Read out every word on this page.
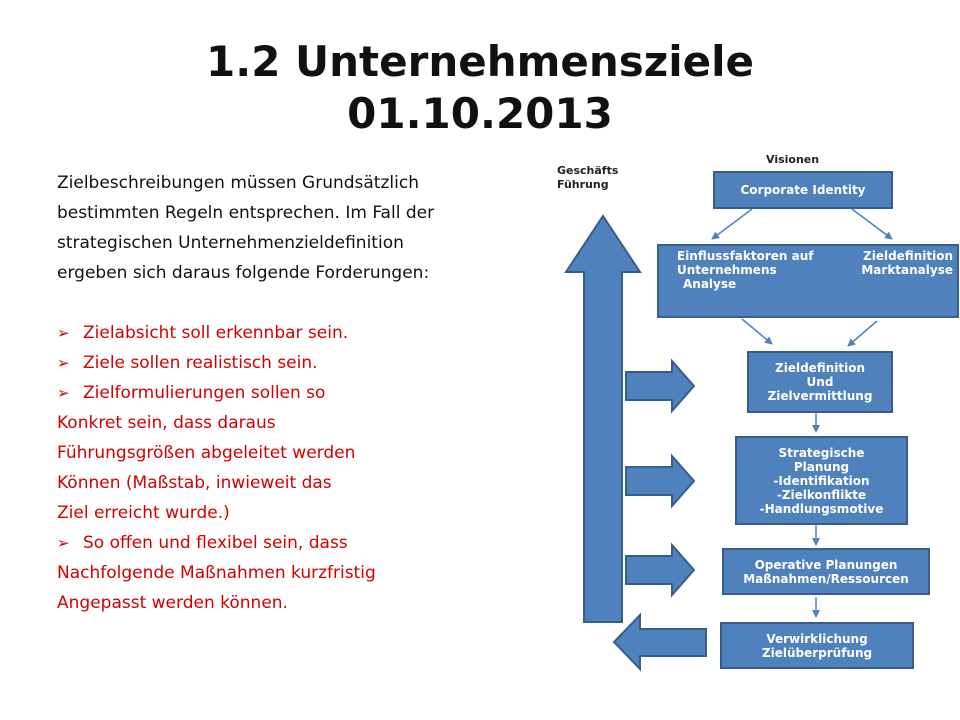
1.2 Unternehmensziele
01.10.2013
Zielbeschreibungen müssen Grundsätzlich
bestimmten Regeln entsprechen. Im Fall der
strategischen Unternehmenzieldefinition
ergeben sich daraus folgende Forderungen:
➢ Zielabsicht soll erkennbar sein.
➢ Ziele sollen realistisch sein.
➢ Zielformulierungen sollen so
Konkret sein, dass daraus
Führungsgrößen abgeleitet werden
Können (Maßstab, inwieweit das
Ziel erreicht wurde.)
➢ So offen und flexibel sein, dass
Nachfolgende Maßnahmen kurzfristig
Angepasst werden können.
Geschäfts
Führung
Visionen
Corporate Identity
Einflussfaktoren auf	Zieldefinition
Unternehmens	Marktanalyse
Analyse
Zieldefinition
Und
Zielvermittlung
Strategische
Planung
-Identifikation
-Zielkonflikte
-Handlungsmotive
Operative Planungen
Maßnahmen/Ressourcen
Verwirklichung
Zielüberprüfung
